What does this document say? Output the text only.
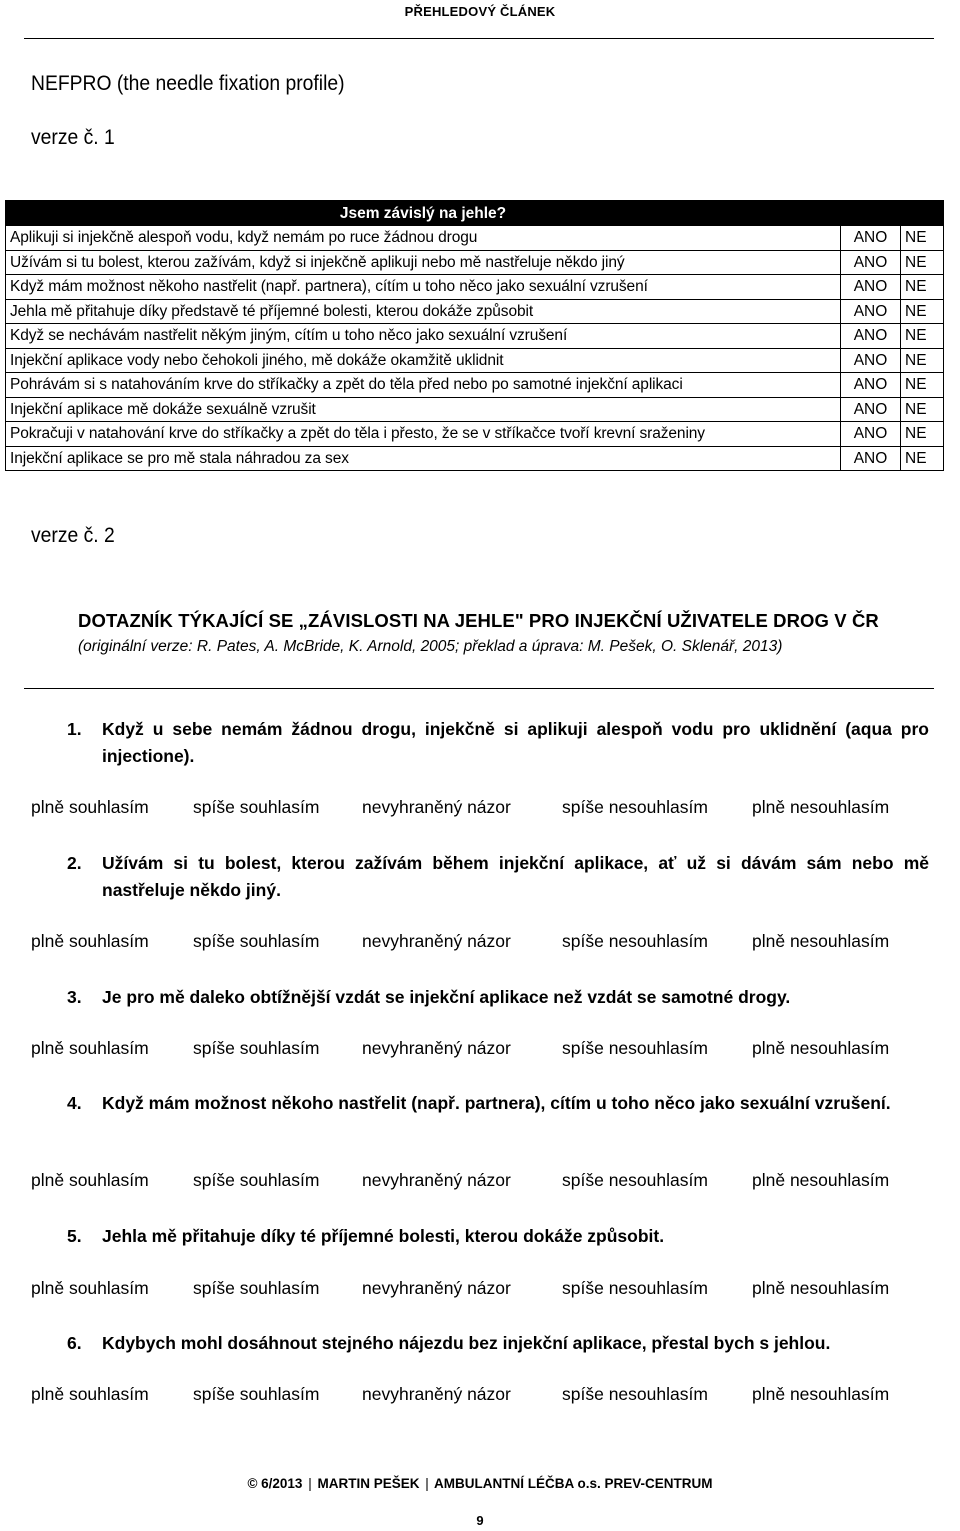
PŘEHLEDOVÝ ČLÁNEK
NEFPRO (the needle fixation profile)
verze č. 1
Jsem závislý na jehle?		
Aplikuji si injekčně alespoň vodu, když nemám po ruce žádnou drogu	ANO	NE
Užívám si tu bolest, kterou zažívám, když si injekčně aplikuji nebo mě nastřeluje někdo jiný	ANO	NE
Když mám možnost někoho nastřelit (např. partnera), cítím u toho něco jako sexuální vzrušení	ANO	NE
Jehla mě přitahuje díky představě té příjemné bolesti, kterou dokáže způsobit	ANO	NE
Když se nechávám nastřelit někým jiným, cítím u toho něco jako sexuální vzrušení	ANO	NE
Injekční aplikace vody nebo čehokoli jiného, mě dokáže okamžitě uklidnit	ANO	NE
Pohrávám si s natahováním krve do stříkačky a zpět do těla před nebo po samotné injekční aplikaci	ANO	NE
Injekční aplikace mě dokáže sexuálně vzrušit	ANO	NE
Pokračuji v natahování krve do stříkačky a zpět do těla i přesto, že se v stříkačce tvoří krevní sraženiny	ANO	NE
Injekční aplikace se pro mě stala náhradou za sex	ANO	NE
verze č. 2
DOTAZNÍK TÝKAJÍCÍ SE „ZÁVISLOSTI NA JEHLE" PRO INJEKČNÍ UŽIVATELE DROG V ČR
(originální verze: R. Pates, A. McBride, K. Arnold, 2005; překlad a úprava: M. Pešek, O. Sklenář, 2013)
1.	Když u sebe nemám žádnou drogu, injekčně si aplikuji alespoň vodu pro uklidnění (aqua pro injectione).
plně souhlasím	spíše souhlasím nevyhraněný názor	spíše nesouhlasím	plně nesouhlasím
2.	Užívám si tu bolest, kterou zažívám během injekční aplikace, ať už si dávám sám nebo mě nastřeluje někdo jiný.
plně souhlasím	spíše souhlasím nevyhraněný názor	spíše nesouhlasím	plně nesouhlasím
3.	Je pro mě daleko obtížnější vzdát se injekční aplikace než vzdát se samotné drogy.
plně souhlasím	spíše souhlasím nevyhraněný názor	spíše nesouhlasím	plně nesouhlasím
4.	Když mám možnost někoho nastřelit (např. partnera), cítím u toho něco jako sexuální vzrušení.
plně souhlasím	spíše souhlasím nevyhraněný názor	spíše nesouhlasím	plně nesouhlasím
5.	Jehla mě přitahuje díky té příjemné bolesti, kterou dokáže způsobit.
plně souhlasím	spíše souhlasím nevyhraněný názor	spíše nesouhlasím	plně nesouhlasím
6.	Kdybych mohl dosáhnout stejného nájezdu bez injekční aplikace, přestal bych s jehlou.
plně souhlasím	spíše souhlasím nevyhraněný názor	spíše nesouhlasím	plně nesouhlasím
© 6/2013 | MARTIN PEŠEK | AMBULANTNÍ LÉČBA o.s. PREV-CENTRUM
9
